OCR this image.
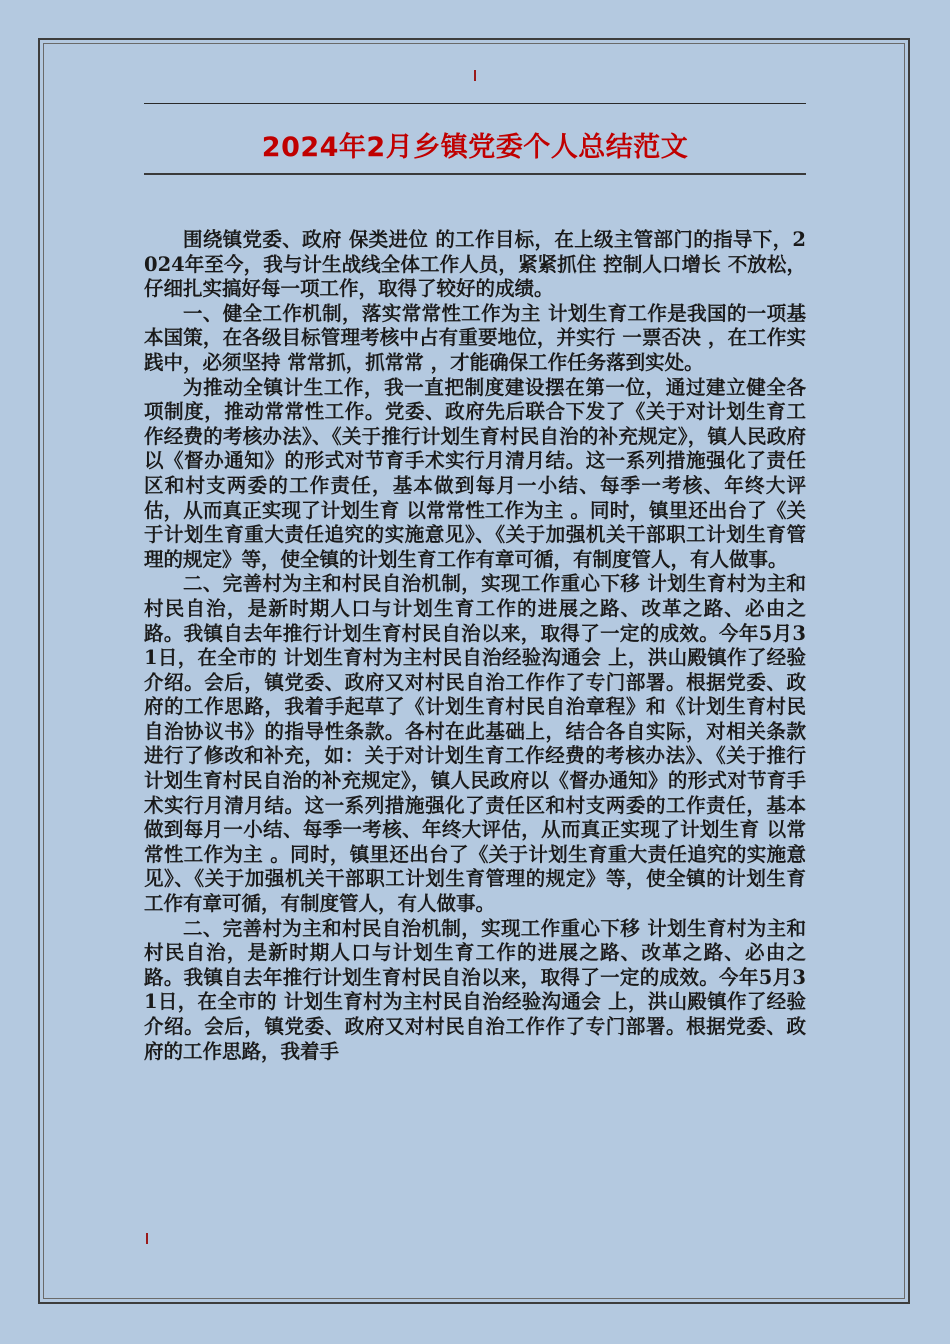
2024年2月乡镇党委个人总结范文

围绕镇党委、政府 保类进位 的工作目标，在上级主管部门的指导下，2024年至今，我与计生战线全体工作人员，紧紧抓住 控制人口增长 不放松，仔细扎实搞好每一项工作，取得了较好的成绩。

一、健全工作机制，落实常常性工作为主 计划生育工作是我国的一项基本国策，在各级目标管理考核中占有重要地位，并实行 一票否决 ，在工作实践中，必须坚持 常常抓，抓常常 ，才能确保工作任务落到实处。

为推动全镇计生工作，我一直把制度建设摆在第一位，通过建立健全各项制度，推动常常性工作。党委、政府先后联合下发了《关于对计划生育工作经费的考核办法》、《关于推行计划生育村民自治的补充规定》，镇人民政府以《督办通知》的形式对节育手术实行月清月结。这一系列措施强化了责任区和村支两委的工作责任，基本做到每月一小结、每季一考核、年终大评估，从而真正实现了计划生育 以常常性工作为主 。同时，镇里还出台了《关于计划生育重大责任追究的实施意见》、《关于加强机关干部职工计划生育管理的规定》等，使全镇的计划生育工作有章可循，有制度管人，有人做事。

二、完善村为主和村民自治机制，实现工作重心下移 计划生育村为主和村民自治，是新时期人口与计划生育工作的进展之路、改革之路、必由之路。我镇自去年推行计划生育村民自治以来，取得了一定的成效。今年5月31日，在全市的 计划生育村为主村民自治经验沟通会 上，洪山殿镇作了经验介绍。会后，镇党委、政府又对村民自治工作作了专门部署。根据党委、政府的工作思路，我着手起草了《计划生育村民自治章程》和《计划生育村民自治协议书》的指导性条款。各村在此基础上，结合各自实际，对相关条款进行了修改和补充，如：关于对计划生育工作经费的考核办法》、《关于推行计划生育村民自治的补充规定》，镇人民政府以《督办通知》的形式对节育手术实行月清月结。这一系列措施强化了责任区和村支两委的工作责任，基本做到每月一小结、每季一考核、年终大评估，从而真正实现了计划生育 以常常性工作为主 。同时，镇里还出台了《关于计划生育重大责任追究的实施意见》、《关于加强机关干部职工计划生育管理的规定》等，使全镇的计划生育工作有章可循，有制度管人，有人做事。

二、完善村为主和村民自治机制，实现工作重心下移 计划生育村为主和村民自治，是新时期人口与计划生育工作的进展之路、改革之路、必由之路。我镇自去年推行计划生育村民自治以来，取得了一定的成效。今年5月31日，在全市的 计划生育村为主村民自治经验沟通会 上，洪山殿镇作了经验介绍。会后，镇党委、政府又对村民自治工作作了专门部署。根据党委、政府的工作思路，我着手
